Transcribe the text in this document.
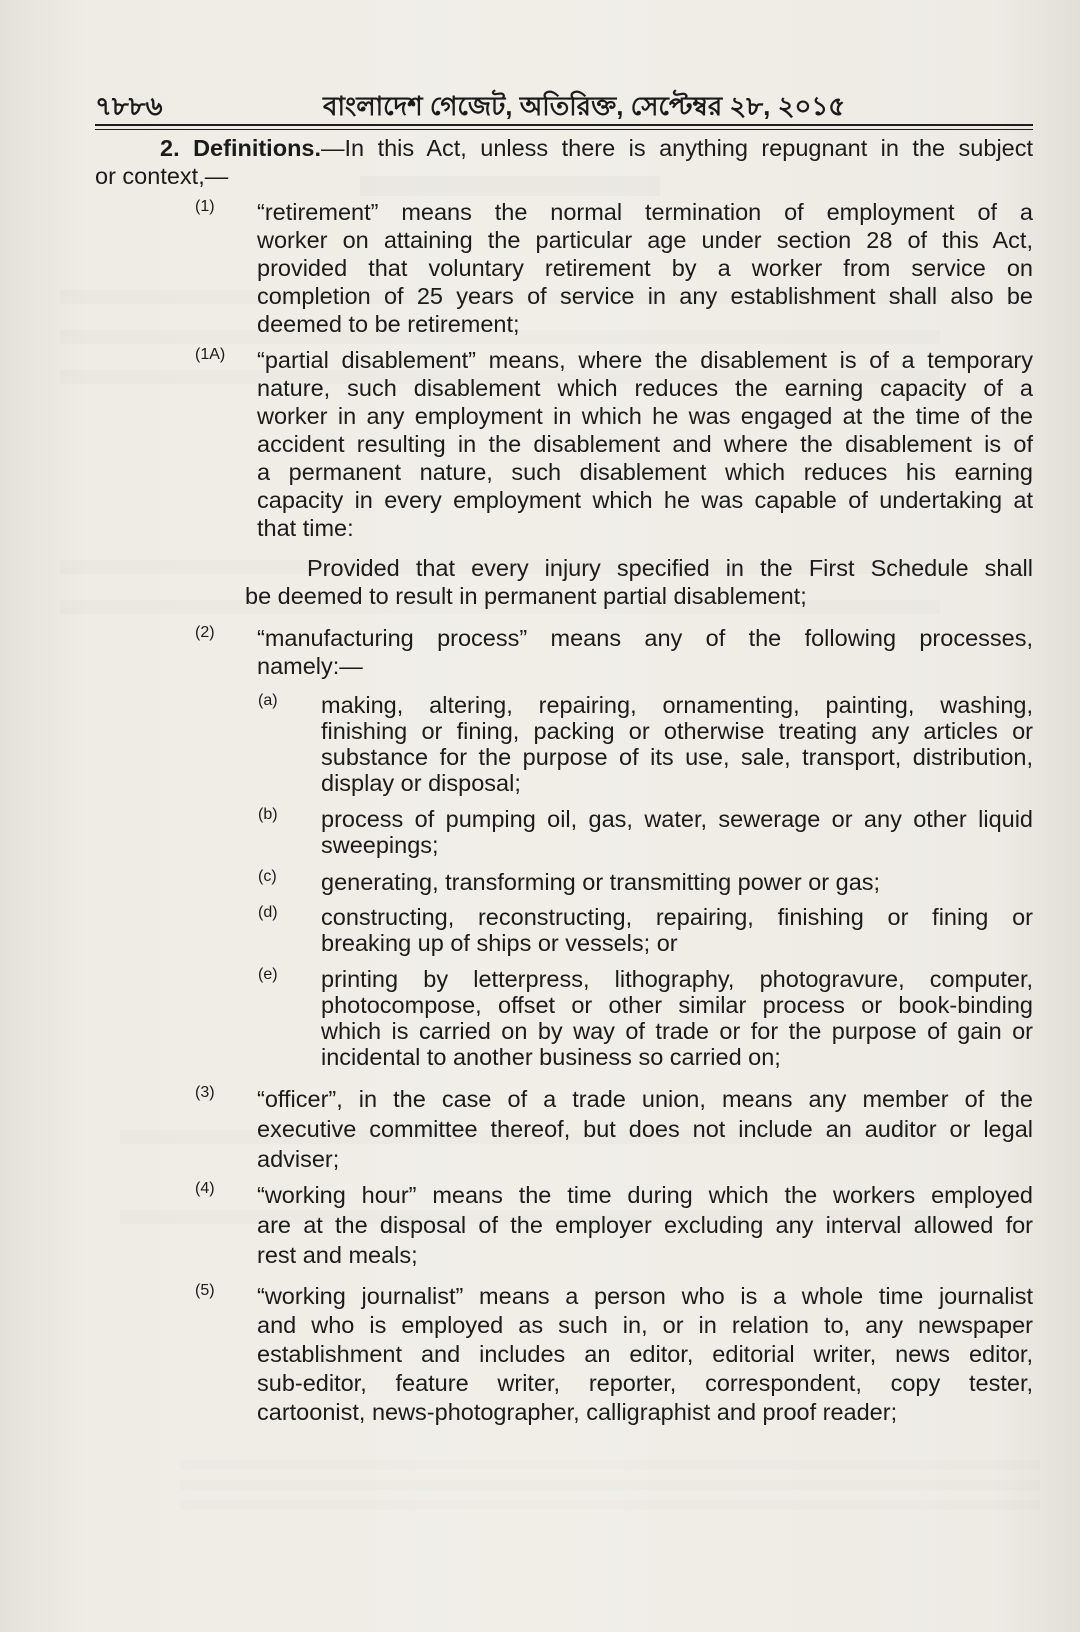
৭৮৮৬	বাংলাদেশ গেজেট, অতিরিক্ত, সেপ্টেম্বর ২৮, ২০১৫
2. Definitions.—In this Act, unless there is anything repugnant in the subject
or context,—
(1) “retirement” means the normal termination of employment of a
worker on attaining the particular age under section 28 of this Act,
provided that voluntary retirement by a worker from service on
completion of 25 years of service in any establishment shall also be
deemed to be retirement;
(1A) “partial disablement” means, where the disablement is of a temporary
nature, such disablement which reduces the earning capacity of a
worker in any employment in which he was engaged at the time of the
accident resulting in the disablement and where the disablement is of
a permanent nature, such disablement which reduces his earning
capacity in every employment which he was capable of undertaking at
that time:
Provided that every injury specified in the First Schedule shall
be deemed to result in permanent partial disablement;
(2) “manufacturing process” means any of the following processes,
namely:—
(a) making, altering, repairing, ornamenting, painting, washing,
finishing or fining, packing or otherwise treating any articles or
substance for the purpose of its use, sale, transport, distribution,
display or disposal;
(b) process of pumping oil, gas, water, sewerage or any other liquid
sweepings;
(c) generating, transforming or transmitting power or gas;
(d) constructing, reconstructing, repairing, finishing or fining or
breaking up of ships or vessels; or
(e) printing by letterpress, lithography, photogravure, computer,
photocompose, offset or other similar process or book-binding
which is carried on by way of trade or for the purpose of gain or
incidental to another business so carried on;
(3) “officer”, in the case of a trade union, means any member of the
executive committee thereof, but does not include an auditor or legal
adviser;
(4) “working hour” means the time during which the workers employed
are at the disposal of the employer excluding any interval allowed for
rest and meals;
(5) “working journalist” means a person who is a whole time journalist
and who is employed as such in, or in relation to, any newspaper
establishment and includes an editor, editorial writer, news editor,
sub-editor, feature writer, reporter, correspondent, copy tester,
cartoonist, news-photographer, calligraphist and proof reader;
